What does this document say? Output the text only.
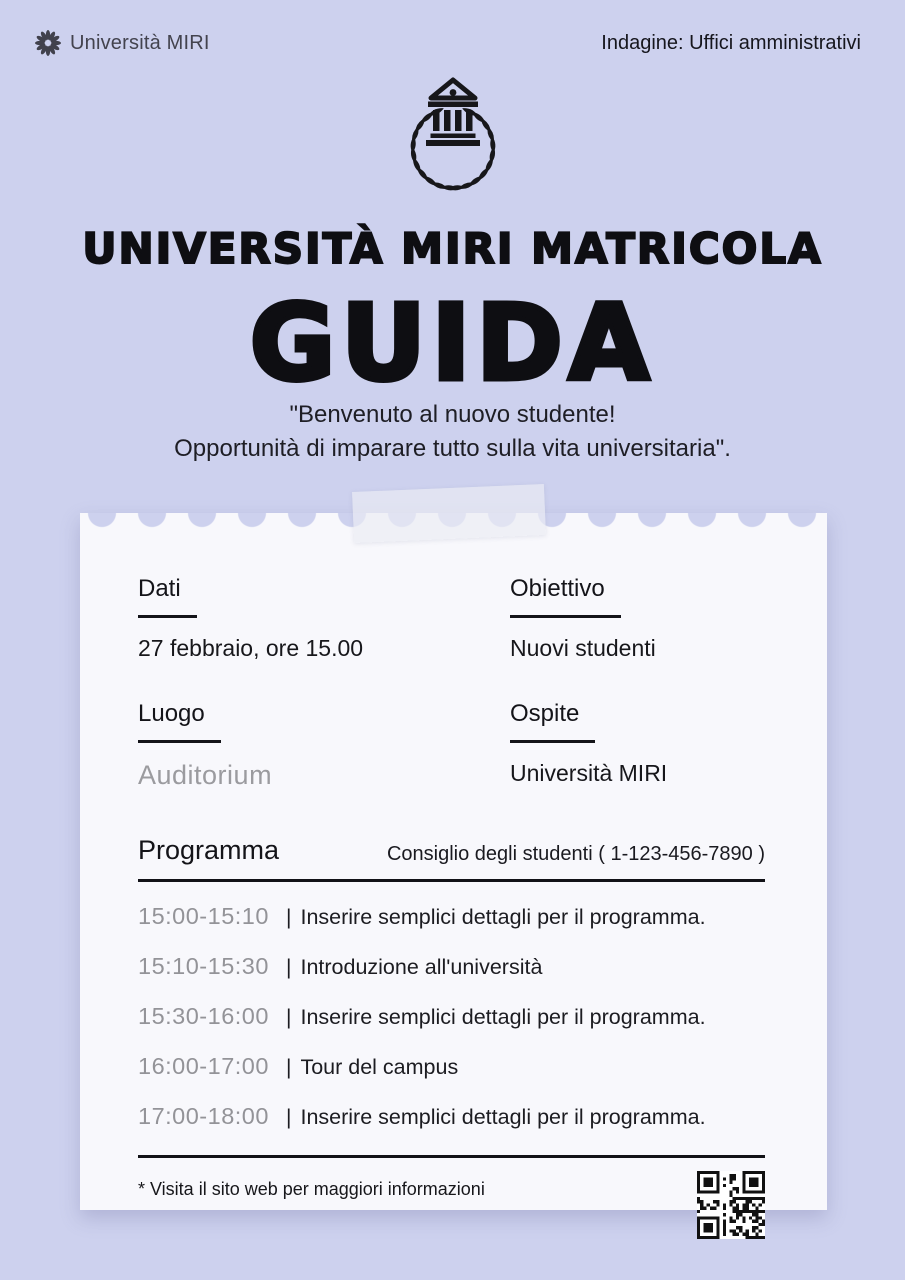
Università MIRI	Indagine: Uffici amministrativi
UNIVERSITÀ MIRI MATRICOLA
GUIDA
"Benvenuto al nuovo studente!
Opportunità di imparare tutto sulla vita universitaria".
Dati
27 febbraio, ore 15.00
Obiettivo
Nuovi studenti
Luogo
Auditorium
Ospite
Università MIRI
Programma	Consiglio degli studenti ( 1-123-456-7890 )
15:00-15:10 | Inserire semplici dettagli per il programma.
15:10-15:30 | Introduzione all'università
15:30-16:00 | Inserire semplici dettagli per il programma.
16:00-17:00 | Tour del campus
17:00-18:00 | Inserire semplici dettagli per il programma.
* Visita il sito web per maggiori informazioni
